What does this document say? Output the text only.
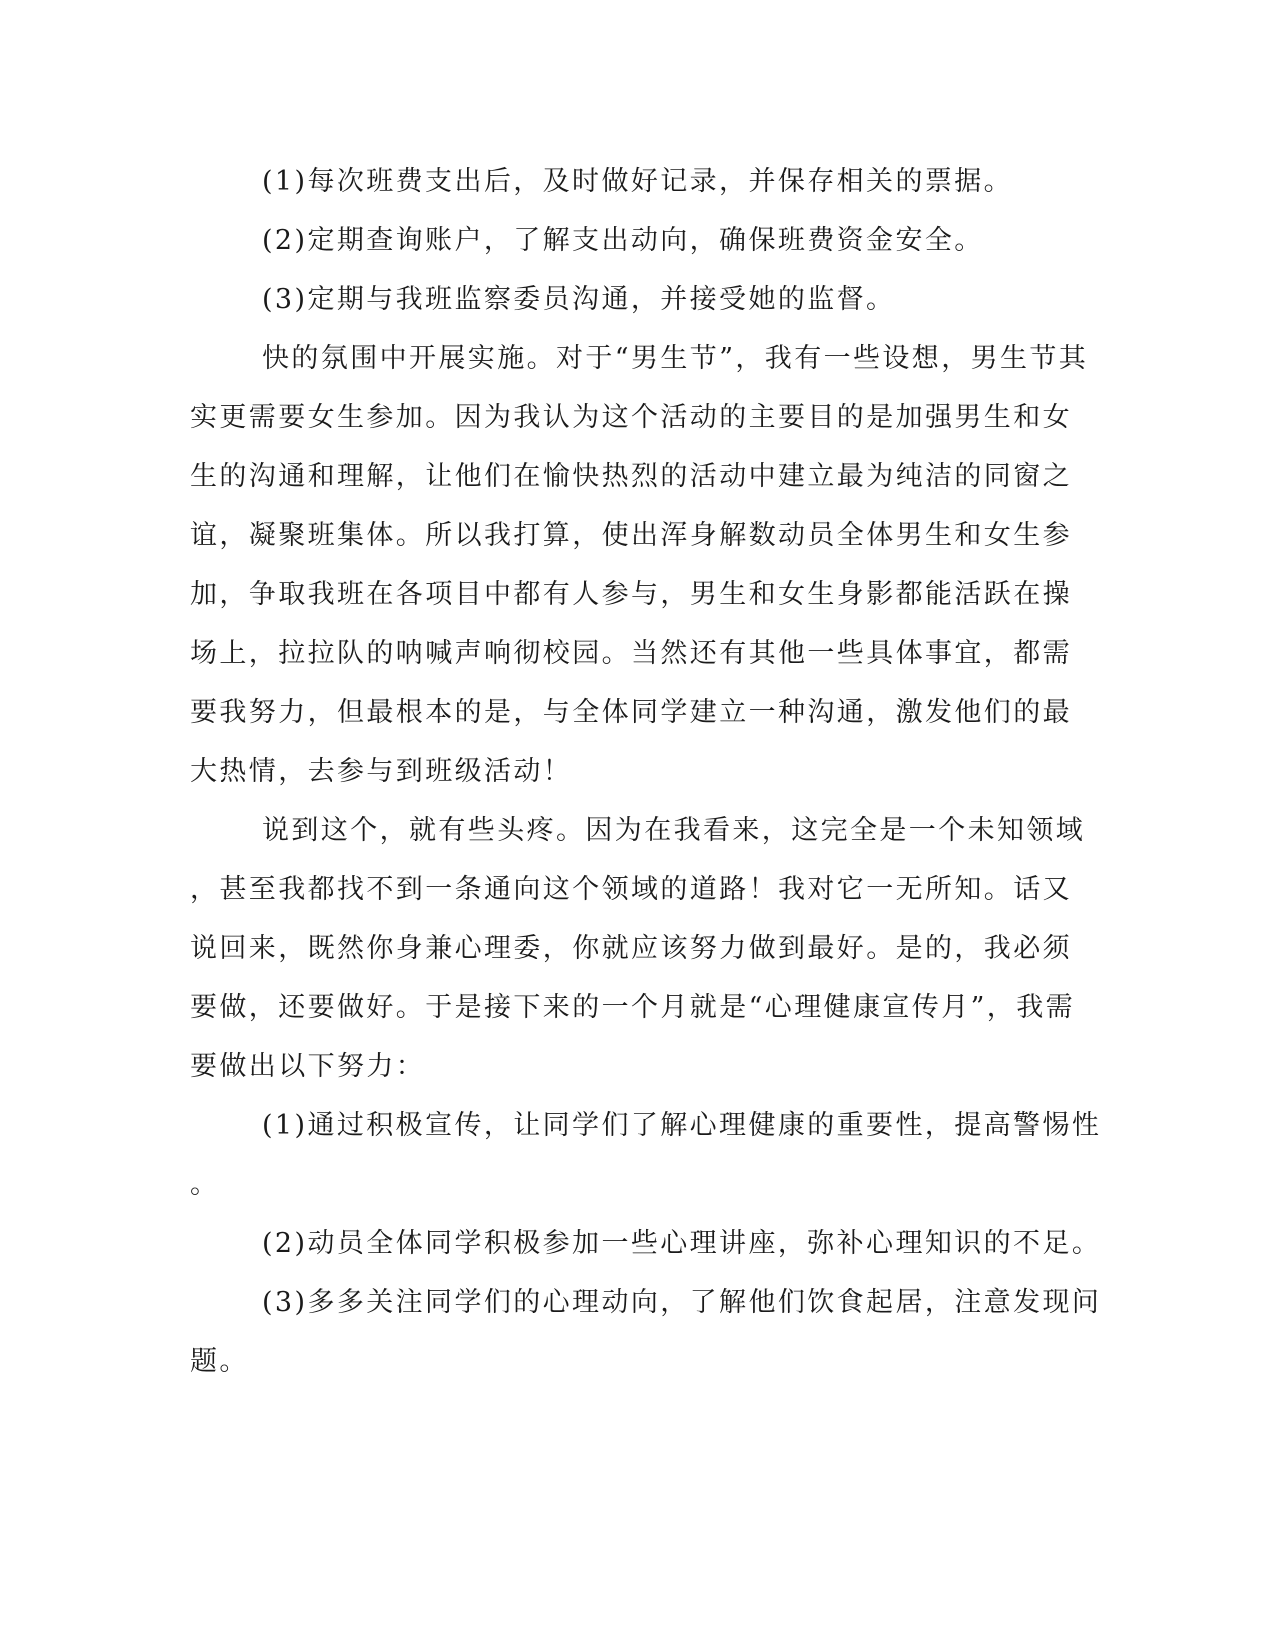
(1)每次班费支出后，及时做好记录，并保存相关的票据。
(2)定期查询账户，了解支出动向，确保班费资金安全。
(3)定期与我班监察委员沟通，并接受她的监督。
快的氛围中开展实施。对于“男生节”，我有一些设想，男生节其
实更需要女生参加。因为我认为这个活动的主要目的是加强男生和女
生的沟通和理解，让他们在愉快热烈的活动中建立最为纯洁的同窗之
谊，凝聚班集体。所以我打算，使出浑身解数动员全体男生和女生参
加，争取我班在各项目中都有人参与，男生和女生身影都能活跃在操
场上，拉拉队的呐喊声响彻校园。当然还有其他一些具体事宜，都需
要我努力，但最根本的是，与全体同学建立一种沟通，激发他们的最
大热情，去参与到班级活动！
说到这个，就有些头疼。因为在我看来，这完全是一个未知领域
，甚至我都找不到一条通向这个领域的道路！我对它一无所知。话又
说回来，既然你身兼心理委，你就应该努力做到最好。是的，我必须
要做，还要做好。于是接下来的一个月就是“心理健康宣传月”，我需
要做出以下努力：
(1)通过积极宣传，让同学们了解心理健康的重要性，提高警惕性
。
(2)动员全体同学积极参加一些心理讲座，弥补心理知识的不足。
(3)多多关注同学们的心理动向，了解他们饮食起居，注意发现问
题。
